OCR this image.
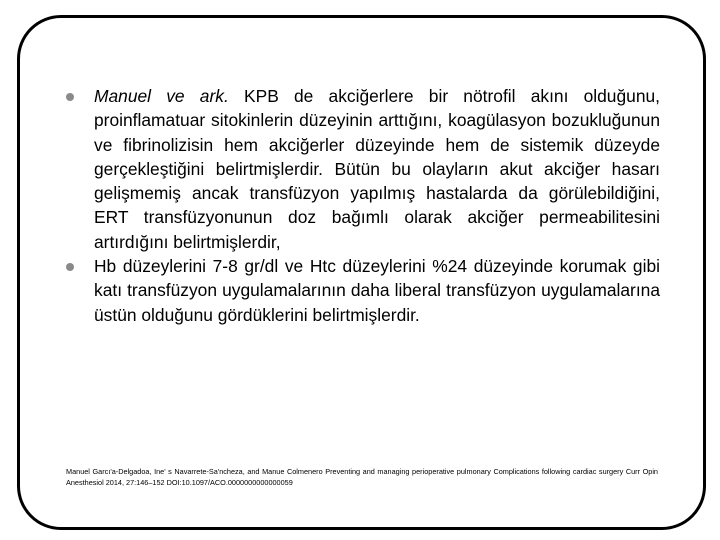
Manuel ve ark. KPB de akciğerlere bir nötrofil akını olduğunu, proinflamatuar sitokinlerin düzeyinin arttığını, koagülasyon bozukluğunun ve fibrinolizisin hem akciğerler düzeyinde hem de sistemik düzeyde gerçekleştiğini belirtmişlerdir. Bütün bu olayların akut akciğer hasarı gelişmemiş ancak transfüzyon yapılmış hastalarda da görülebildiğini, ERT transfüzyonunun doz bağımlı olarak akciğer permeabilitesini artırdığını belirtmişlerdir,
Hb düzeylerini 7-8 gr/dl ve Htc düzeylerini %24 düzeyinde korumak gibi katı transfüzyon uygulamalarının daha liberal transfüzyon uygulamalarına üstün olduğunu gördüklerini belirtmişlerdir.
Manuel Garcı'a-Delgadoa, Ine' s Navarrete-Sa'ncheza, and Manue Colmenero Preventing and managing perioperative pulmonary Complications following cardiac surgery Curr Opin Anesthesiol 2014, 27:146–152 DOI:10.1097/ACO.0000000000000059
